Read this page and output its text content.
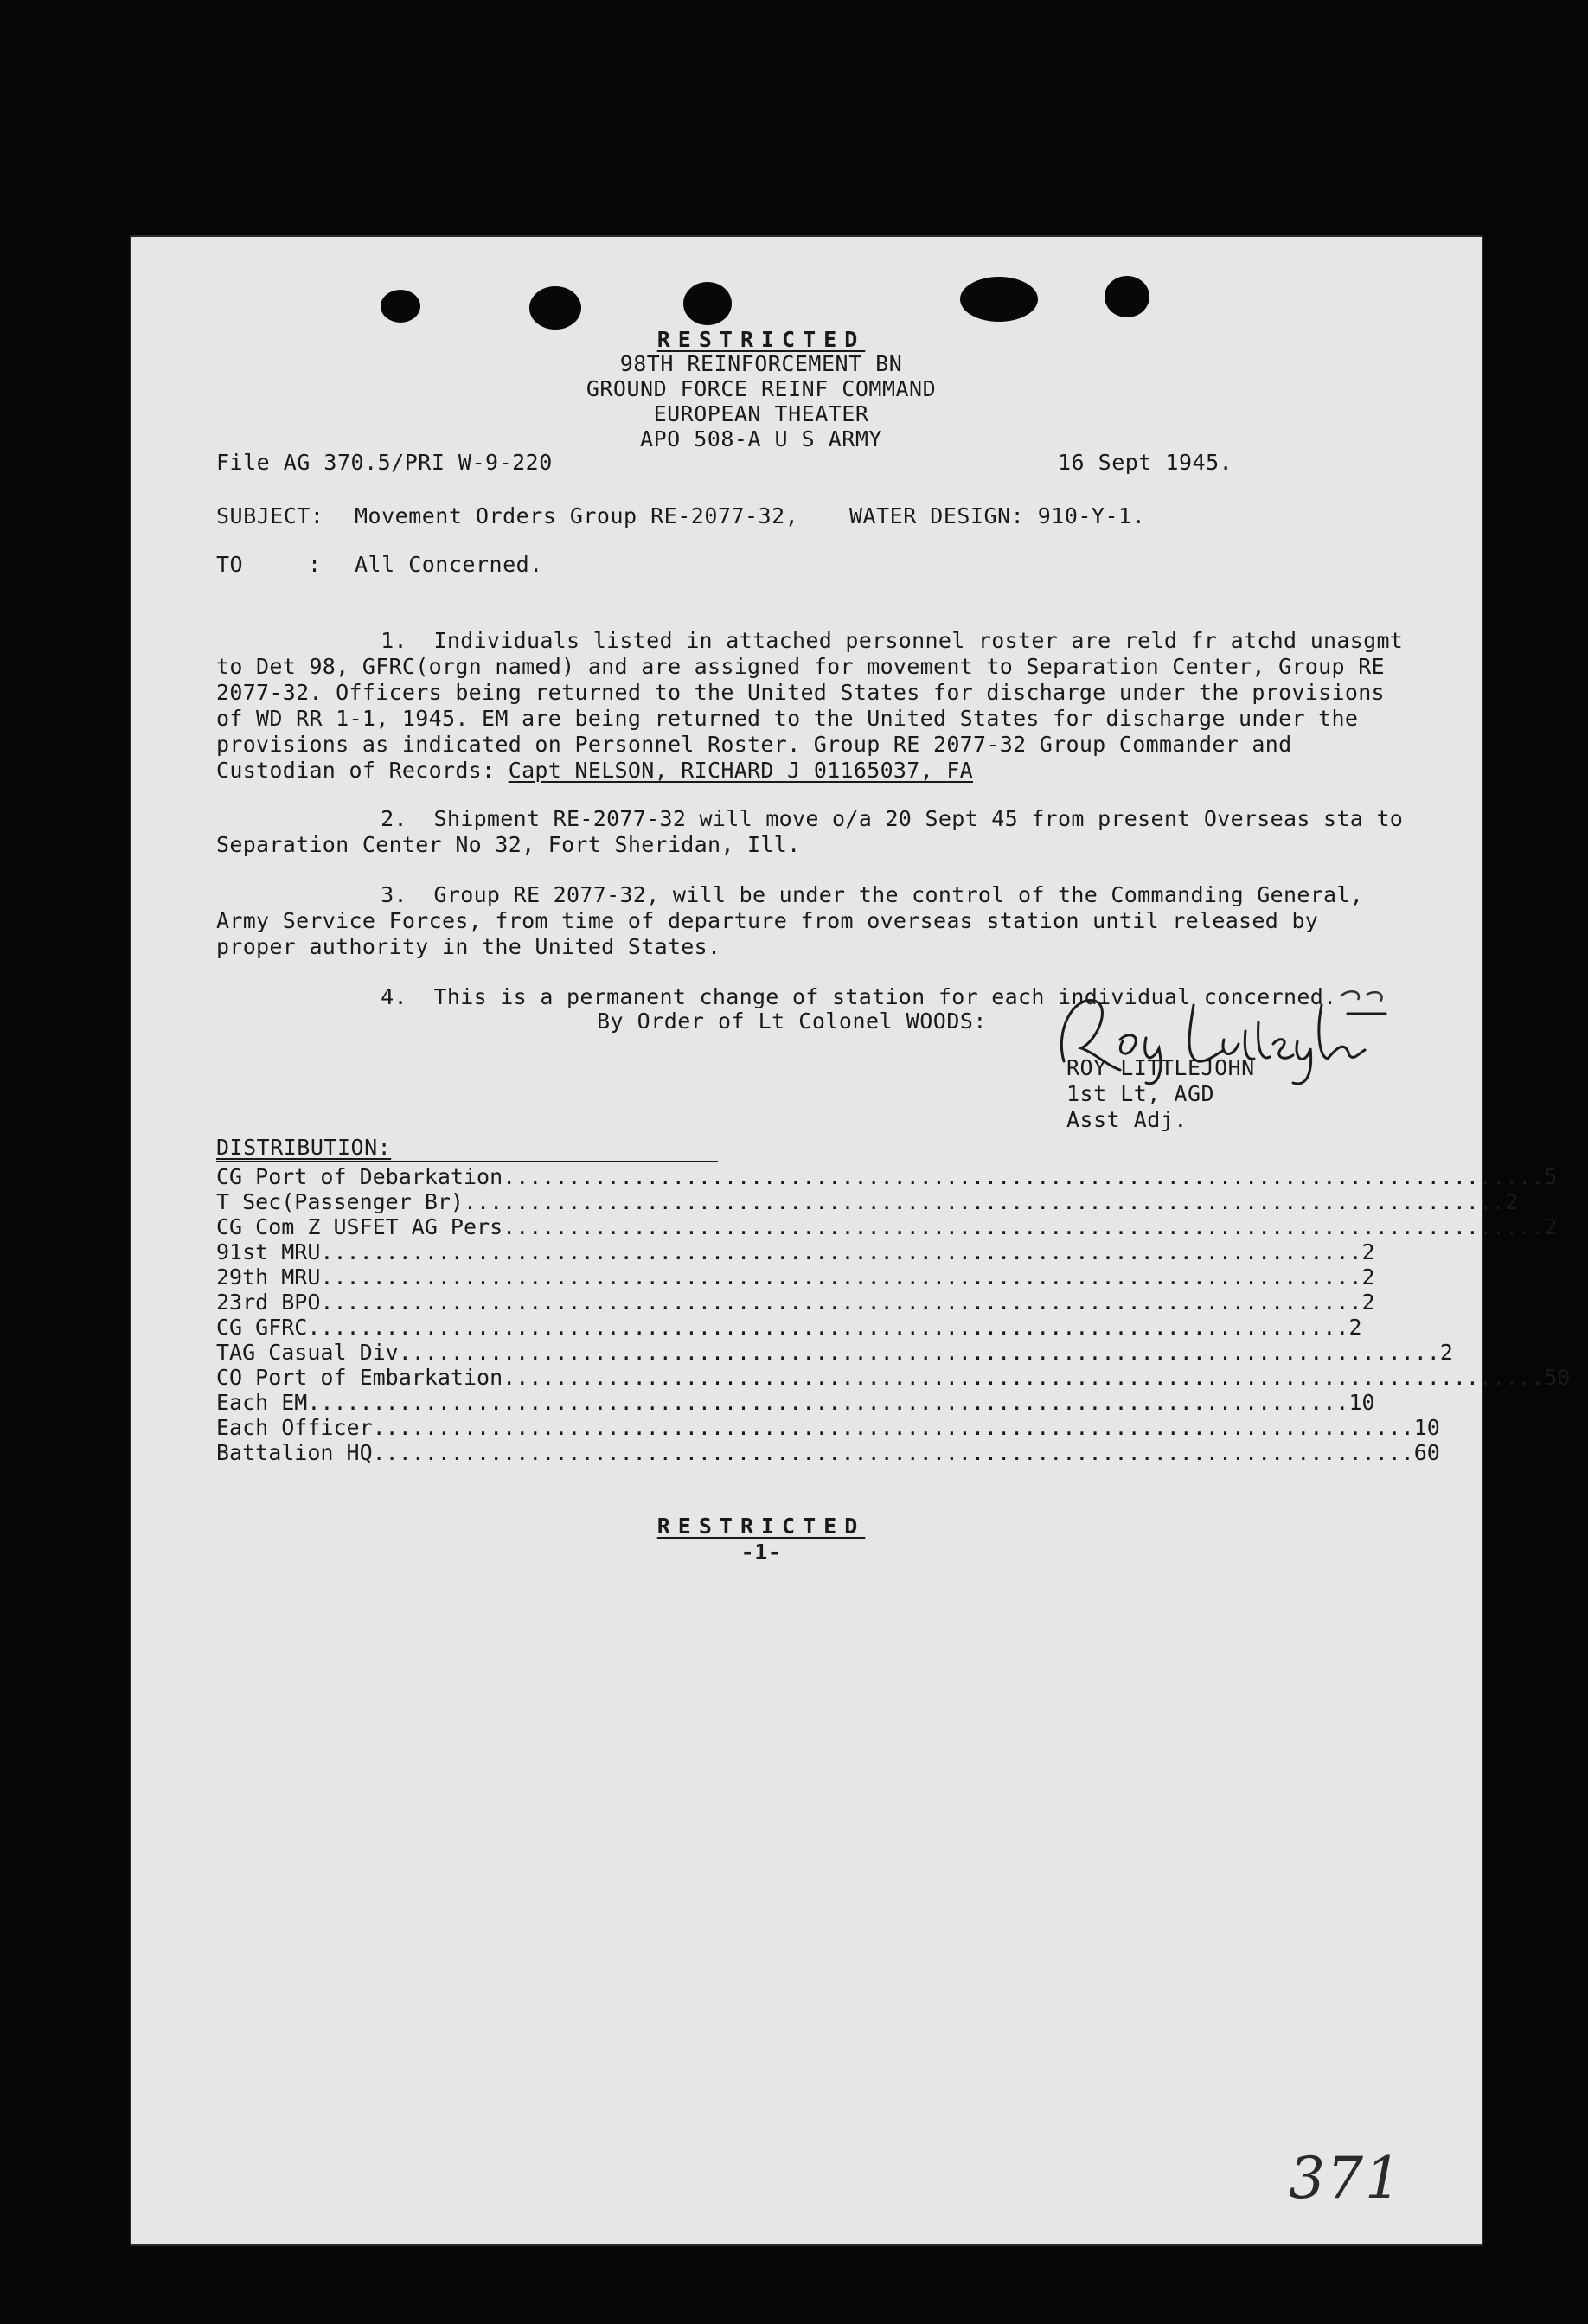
RESTRICTED
98TH REINFORCEMENT BN
GROUND FORCE REINF COMMAND
EUROPEAN THEATER
APO 508-A U S ARMY
File AG 370.5/PRI W-9-220	16 Sept 1945.
SUBJECT: Movement Orders Group RE-2077-32, WATER DESIGN: 910-Y-1.
TO	: All Concerned.

1. Individuals listed in attached personnel roster are reld fr atchd unasgmt to Det 98, GFRC(orgn named) and are assigned for movement to Separation Center, Group RE 2077-32. Officers being returned to the United States for discharge under the provisions of WD RR 1-1, 1945. EM are being returned to the United States for discharge under the provisions as indicated on Personnel Roster. Group RE 2077-32 Group Commander and Custodian of Records: Capt NELSON, RICHARD J 01165037, FA

2. Shipment RE-2077-32 will move o/a 20 Sept 45 from present Overseas sta to Separation Center No 32, Fort Sheridan, Ill.

3. Group RE 2077-32, will be under the control of the Commanding General, Army Service Forces, from time of departure from overseas station until released by proper authority in the United States.

4. This is a permanent change of station for each individual concerned.

By Order of Lt Colonel WOODS:
ROY LITTLEJOHN
1st Lt, AGD
Asst Adj.
DISTRIBUTION:
CG Port of Debarkation ................................................................................ 5
T Sec(Passenger Br) ................................................................................ 2
CG Com Z USFET AG Pers ................................................................................ 2
91st MRU ................................................................................ 2
29th MRU ................................................................................ 2
23rd BPO ................................................................................ 2
CG GFRC ................................................................................ 2
TAG Casual Div ................................................................................ 2
CO Port of Embarkation ................................................................................ 50
Each EM ................................................................................ 10
Each Officer ................................................................................ 10
Battalion HQ ................................................................................ 60
RESTRICTED
-1-
371
